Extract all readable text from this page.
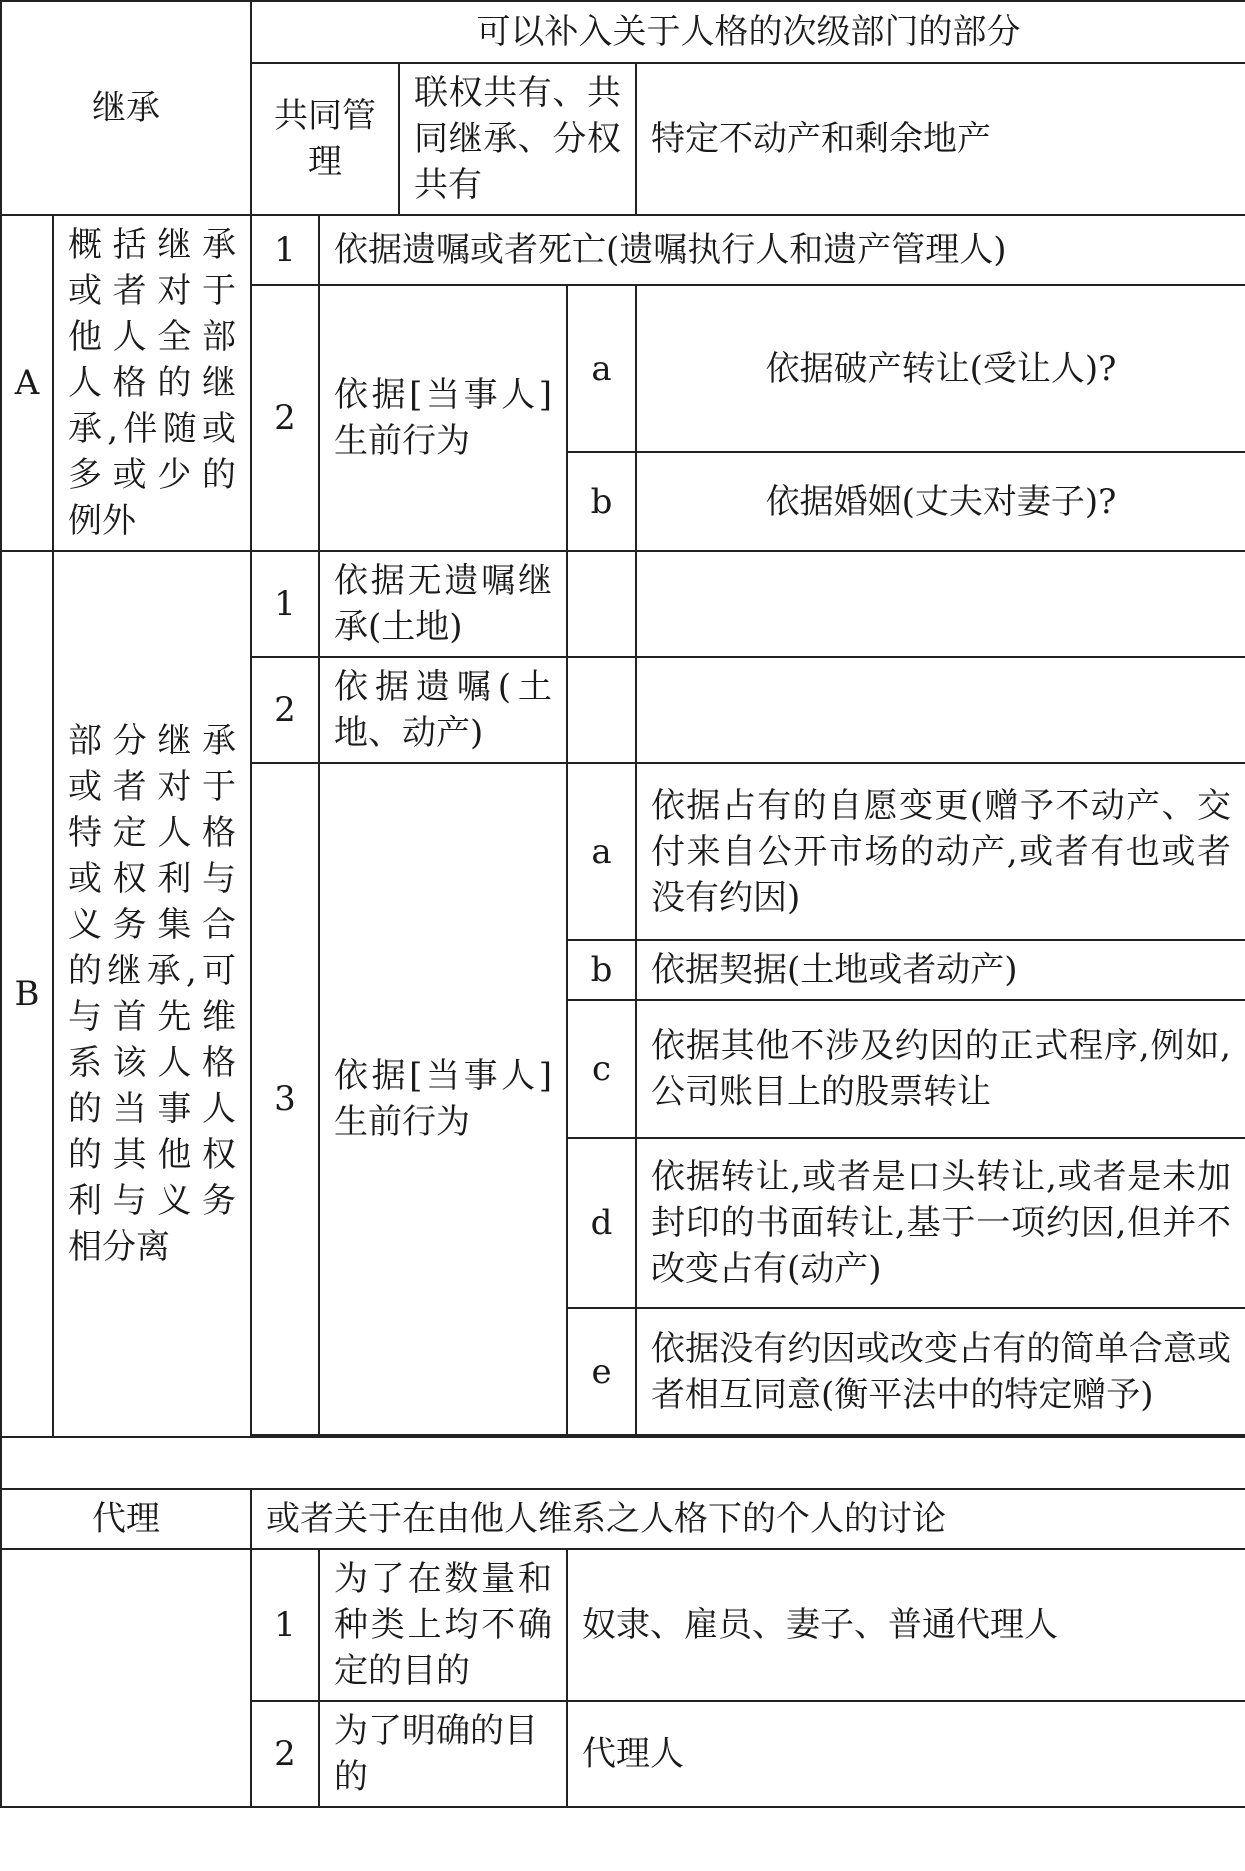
继承		可以补入关于人格的次级部门的部分					
		共同管理		联权共有、共同继承、分权共有		特定不动产和剩余地产	
A	概括继承或者对于他人全部人格的继承,伴随或多或少的例外	1	依据遗嘱或者死亡(遗嘱执行人和遗产管理人)				
		2	依据[当事人]生前行为		a	依据破产转让(受让人)?	
					b	依据婚姻(丈夫对妻子)?	
B	部分继承或者对于特定人格或权利与义务集合的继承,可与首先维系该人格的当事人的其他权利与义务相分离	1	依据无遗嘱继承(土地)				
		2	依据遗嘱(土地、动产)				
		3	依据[当事人]生前行为		a	依据占有的自愿变更(赠予不动产、交付来自公开市场的动产,或者有也或者没有约因)	
					b	依据契据(土地或者动产)	
					c	依据其他不涉及约因的正式程序,例如,公司账目上的股票转让	
					d	依据转让,或者是口头转让,或者是未加封印的书面转让,基于一项约因,但并不改变占有(动产)	
					e	依据没有约因或改变占有的简单合意或者相互同意(衡平法中的特定赠予)	

代理		或者关于在由他人维系之人格下的个人的讨论					
		1	为了在数量和种类上均不确定的目的		奴隶、雇员、妻子、普通代理人		
		2	为了明确的目的		代理人		
